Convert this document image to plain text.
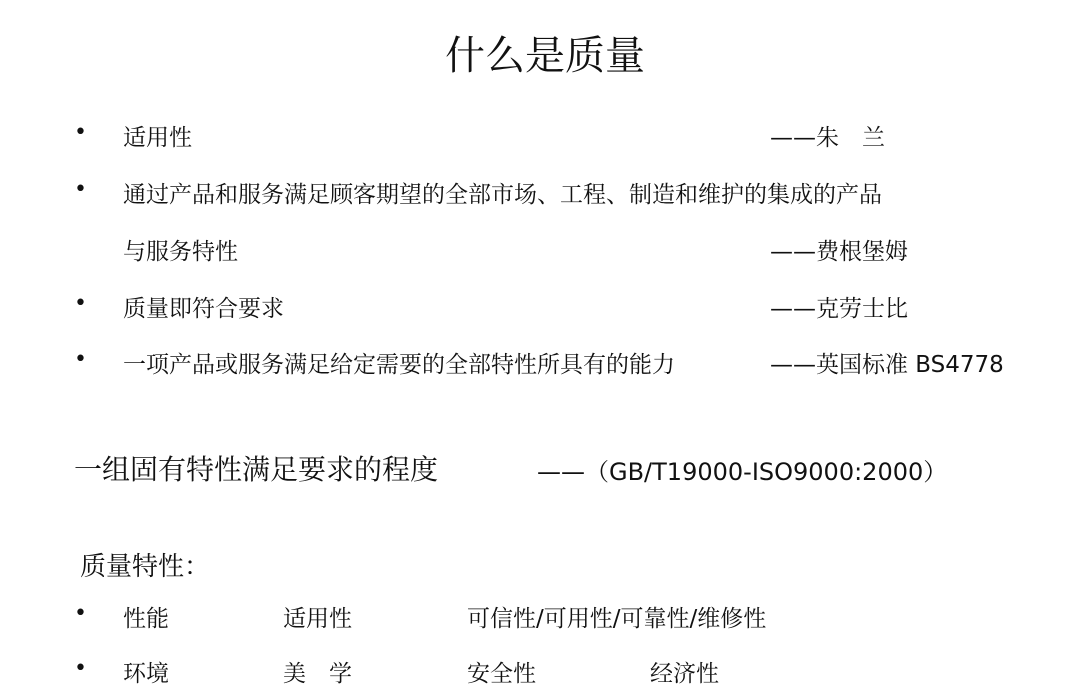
什么是质量
• 适用性	——朱　兰
• 通过产品和服务满足顾客期望的全部市场、工程、制造和维护的集成的产品
与服务特性	——费根堡姆
• 质量即符合要求	——克劳士比
• 一项产品或服务满足给定需要的全部特性所具有的能力	——英国标准 BS4778
一组固有特性满足要求的程度	——（GB/T19000-ISO9000:2000）
质量特性：
• 性能	适用性	可信性/可用性/可靠性/维修性
• 环境	美　学	安全性	经济性
